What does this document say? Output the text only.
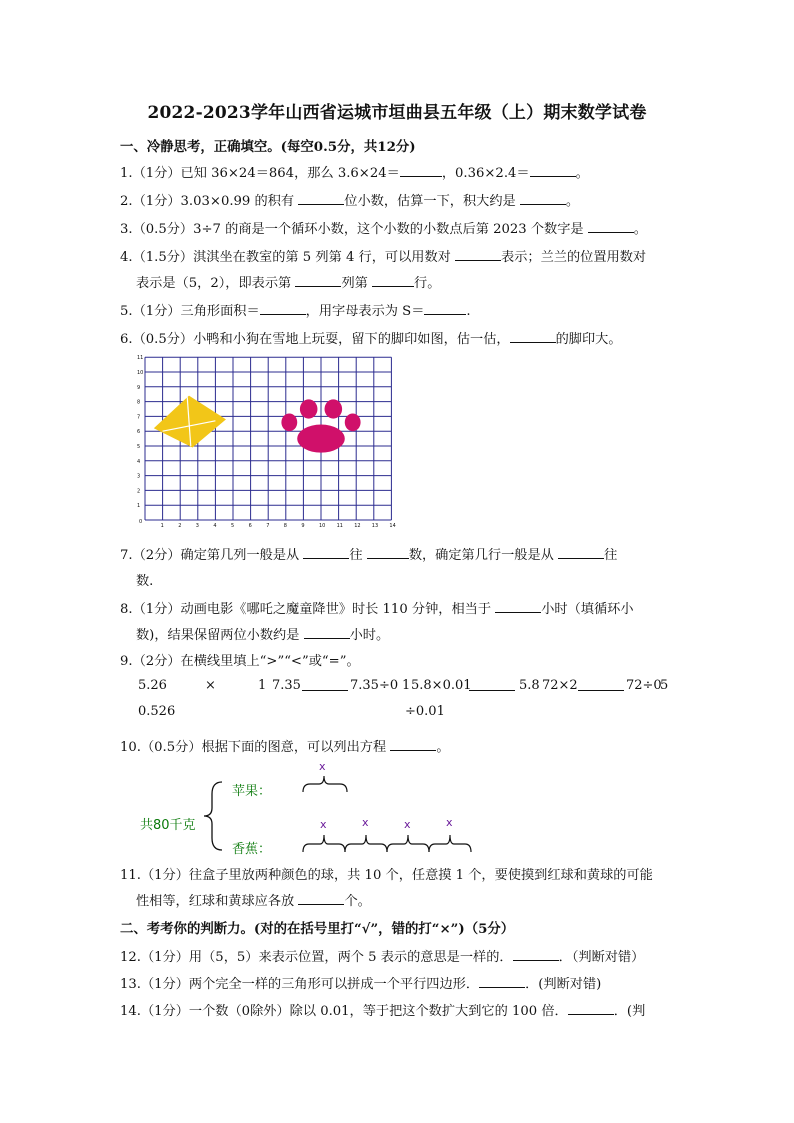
2022-2023学年山西省运城市垣曲县五年级（上）期末数学试卷
一、冷静思考，正确填空。(每空0.5分，共12分)
1.（1分）已知 36×24＝864，那么 3.6×24＝	，0.36×2.4＝	。
2.（1分）3.03×0.99 的积有	位小数，估算一下，积大约是	。
3.（0.5分）3÷7 的商是一个循环小数，这个小数的小数点后第 2023 个数字是	。
4.（1.5分）淇淇坐在教室的第 5 列第 4 行，可以用数对	表示；兰兰的位置用数对
表示是（5，2），即表示第	列第	行。
5.（1分）三角形面积＝	，用字母表示为 S＝	.
6.（0.5分）小鸭和小狗在雪地上玩耍，留下的脚印如图，估一估，	的脚印大。
0
1	2	3	4	5	6	7	8	9	10 11 12 13 14
1
2
3
4
5
6
7
8
9
10
11
7.（2分）确定第几列一般是从	往	数，确定第几行一般是从	往
数.
8.（1分）动画电影《哪吒之魔童降世》时长 110 分钟，相当于	小时（填循环小
数)，结果保留两位小数约是	小时。
9.（2分）在横线里填上“>”“<”或“=”。
5.26	×	1 7.35	7.35÷0 1 5.8×0.01	5.8 72×2	72÷0
5
0.526	÷0.01
10.（0.5分）根据下面的图意，可以列出方程	。
共80千克
苹果：
香蕉：
x
x	x	x	x
11.（1分）往盒子里放两种颜色的球，共 10 个，任意摸 1 个，要使摸到红球和黄球的可能
性相等，红球和黄球应各放	个。
二、考考你的判断力。(对的在括号里打“√”，错的打“×”)（5分）
12.（1分）用（5，5）来表示位置，两个 5 表示的意思是一样的．	．（判断对错）
13.（1分）两个完全一样的三角形可以拼成一个平行四边形．	．(判断对错)
14.（1分）一个数（0除外）除以 0.01，等于把这个数扩大到它的 100 倍．	．(判
